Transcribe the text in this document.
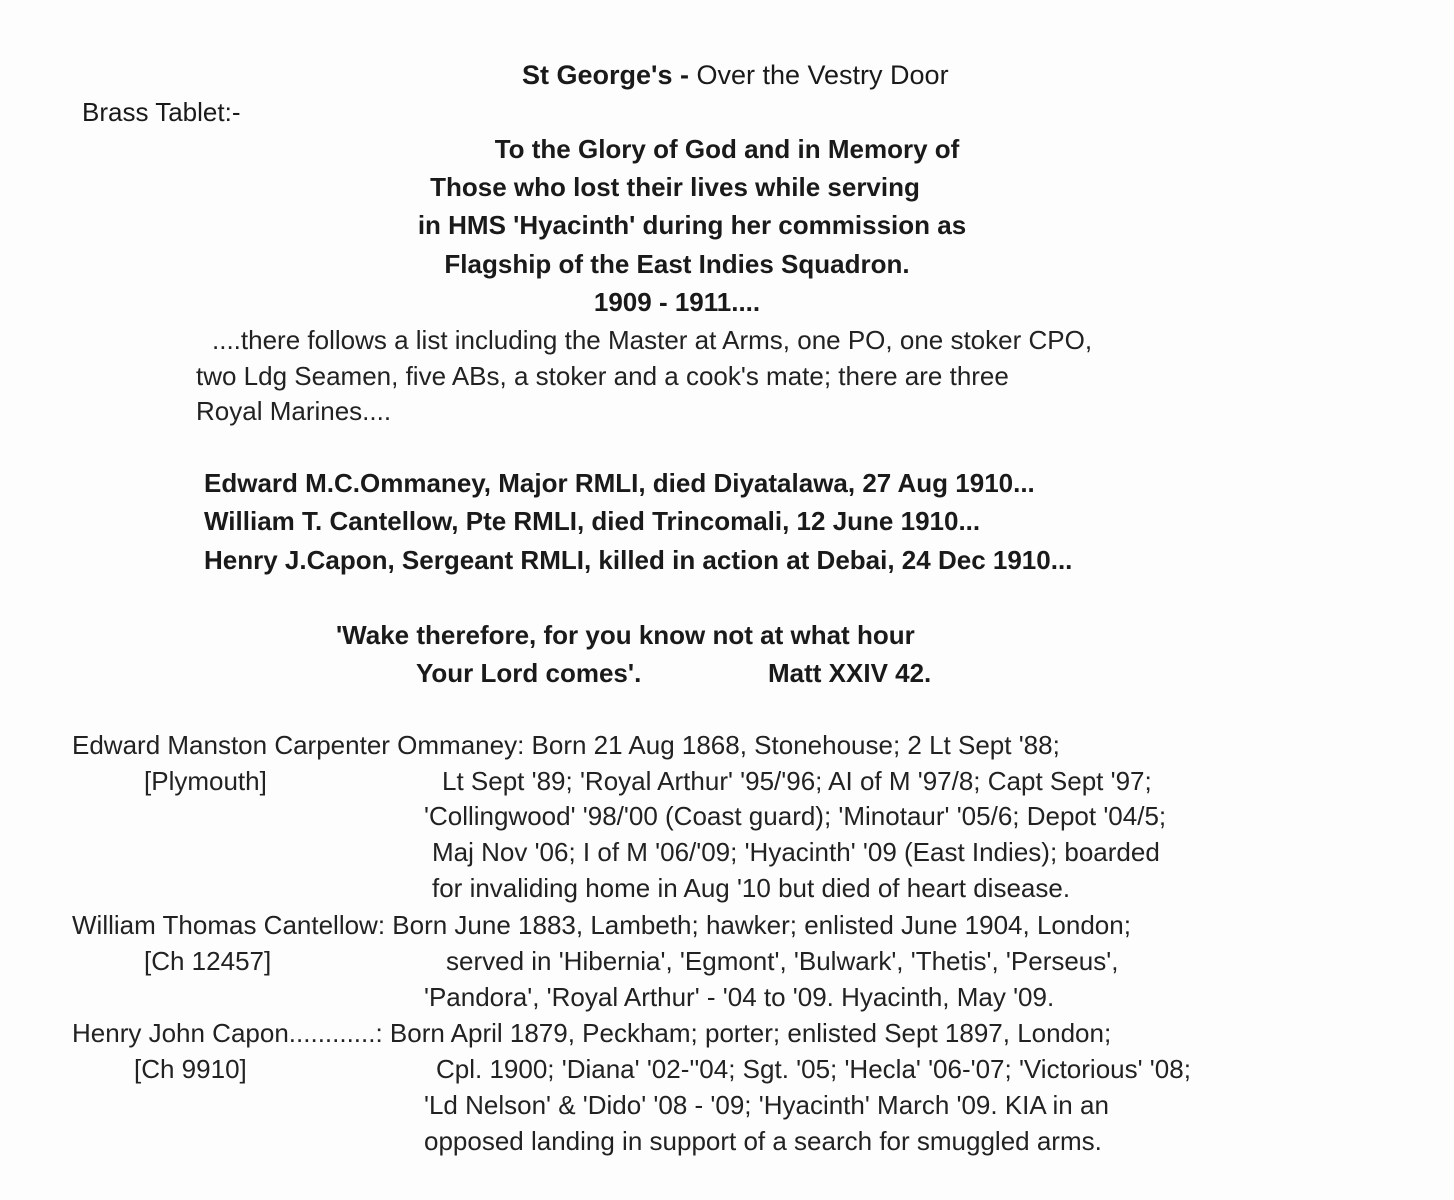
St George's - Over the Vestry Door
Brass Tablet:-
To the Glory of God and in Memory of
Those who lost their lives while serving
in HMS 'Hyacinth' during her commission as
Flagship of the East Indies Squadron.
1909 - 1911....
....there follows a list including the Master at Arms, one PO, one stoker CPO,
two Ldg Seamen, five ABs, a stoker and a cook's mate; there are three
Royal Marines....
Edward M.C.Ommaney, Major RMLI, died Diyatalawa, 27 Aug 1910...
William T. Cantellow, Pte RMLI, died Trincomali, 12 June 1910...
Henry J.Capon, Sergeant RMLI, killed in action at Debai, 24 Dec 1910...
'Wake therefore, for you know not at what hour
Your Lord comes'.	Matt XXIV 42.
Edward Manston Carpenter Ommaney: Born 21 Aug 1868, Stonehouse; 2 Lt Sept '88;
[Plymouth]	Lt Sept '89; 'Royal Arthur' '95/'96; AI of M '97/8; Capt Sept '97;
'Collingwood' '98/'00 (Coast guard); 'Minotaur' '05/6; Depot '04/5;
Maj Nov '06; I of M '06/'09; 'Hyacinth' '09 (East Indies); boarded
for invaliding home in Aug '10 but died of heart disease.
William Thomas Cantellow: Born June 1883, Lambeth; hawker; enlisted June 1904, London;
[Ch 12457]	served in 'Hibernia', 'Egmont', 'Bulwark', 'Thetis', 'Perseus',
'Pandora', 'Royal Arthur' - '04 to '09. Hyacinth, May '09.
Henry John Capon............: Born April 1879, Peckham; porter; enlisted Sept 1897, London;
[Ch 9910]	Cpl. 1900; 'Diana' '02-''04; Sgt. '05; 'Hecla' '06-'07; 'Victorious' '08;
'Ld Nelson' & 'Dido' '08 - '09; 'Hyacinth' March '09. KIA in an
opposed landing in support of a search for smuggled arms.
